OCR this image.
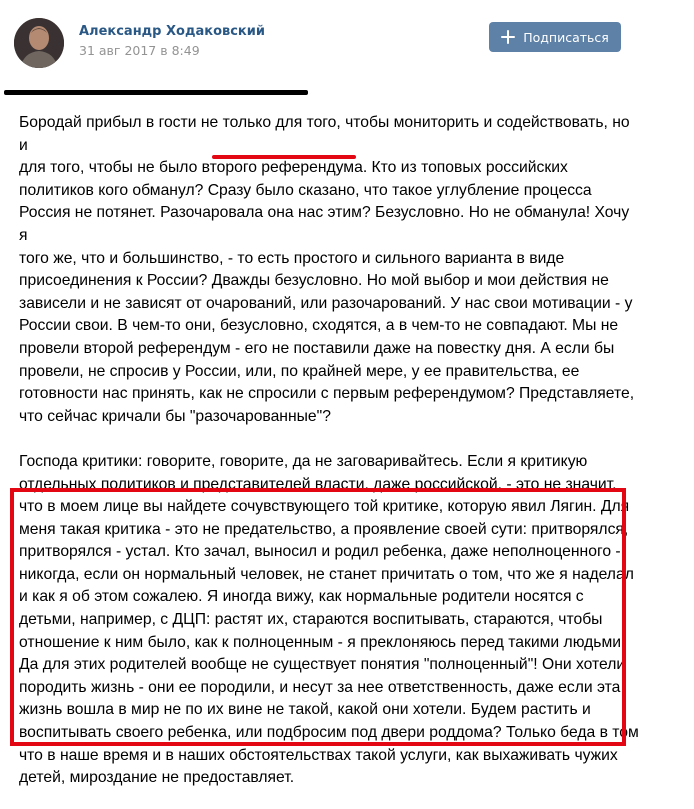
Александр Ходаковский
31 авг 2017 в 8:49
Подписаться

Бородай прибыл в гости не только для того, чтобы мониторить и содействовать, но и
для того, чтобы не было второго референдума. Кто из топовых российских
политиков кого обманул? Сразу было сказано, что такое углубление процесса
Россия не потянет. Разочаровала она нас этим? Безусловно. Но не обманула! Хочу я
того же, что и большинство, - то есть простого и сильного варианта в виде
присоединения к России? Дважды безусловно. Но мой выбор и мои действия не
зависели и не зависят от очарований, или разочарований. У нас свои мотивации - у
России свои. В чем-то они, безусловно, сходятся, а в чем-то не совпадают. Мы не
провели второй референдум - его не поставили даже на повестку дня. А если бы
провели, не спросив у России, или, по крайней мере, у ее правительства, ее
готовности нас принять, как не спросили с первым референдумом? Представляете,
что сейчас кричали бы "разочарованные"?

Господа критики: говорите, говорите, да не заговаривайтесь. Если я критикую
отдельных политиков и представителей власти, даже российской, - это не значит,
что в моем лице вы найдете сочувствующего той критике, которую явил Лягин. Для
меня такая критика - это не предательство, а проявление своей сути: притворялся,
притворялся - устал. Кто зачал, выносил и родил ребенка, даже неполноценного -
никогда, если он нормальный человек, не станет причитать о том, что же я наделал
и как я об этом сожалею. Я иногда вижу, как нормальные родители носятся с
детьми, например, с ДЦП: растят их, стараются воспитывать, стараются, чтобы
отношение к ним было, как к полноценным - я преклоняюсь перед такими людьми.
Да для этих родителей вообще не существует понятия "полноценный"! Они хотели
породить жизнь - они ее породили, и несут за нее ответственность, даже если эта
жизнь вошла в мир не по их вине не такой, какой они хотели. Будем растить и
воспитывать своего ребенка, или подбросим под двери роддома? Только беда в том
что в наше время и в наших обстоятельствах такой услуги, как выхаживать чужих
детей, мироздание не предоставляет.
